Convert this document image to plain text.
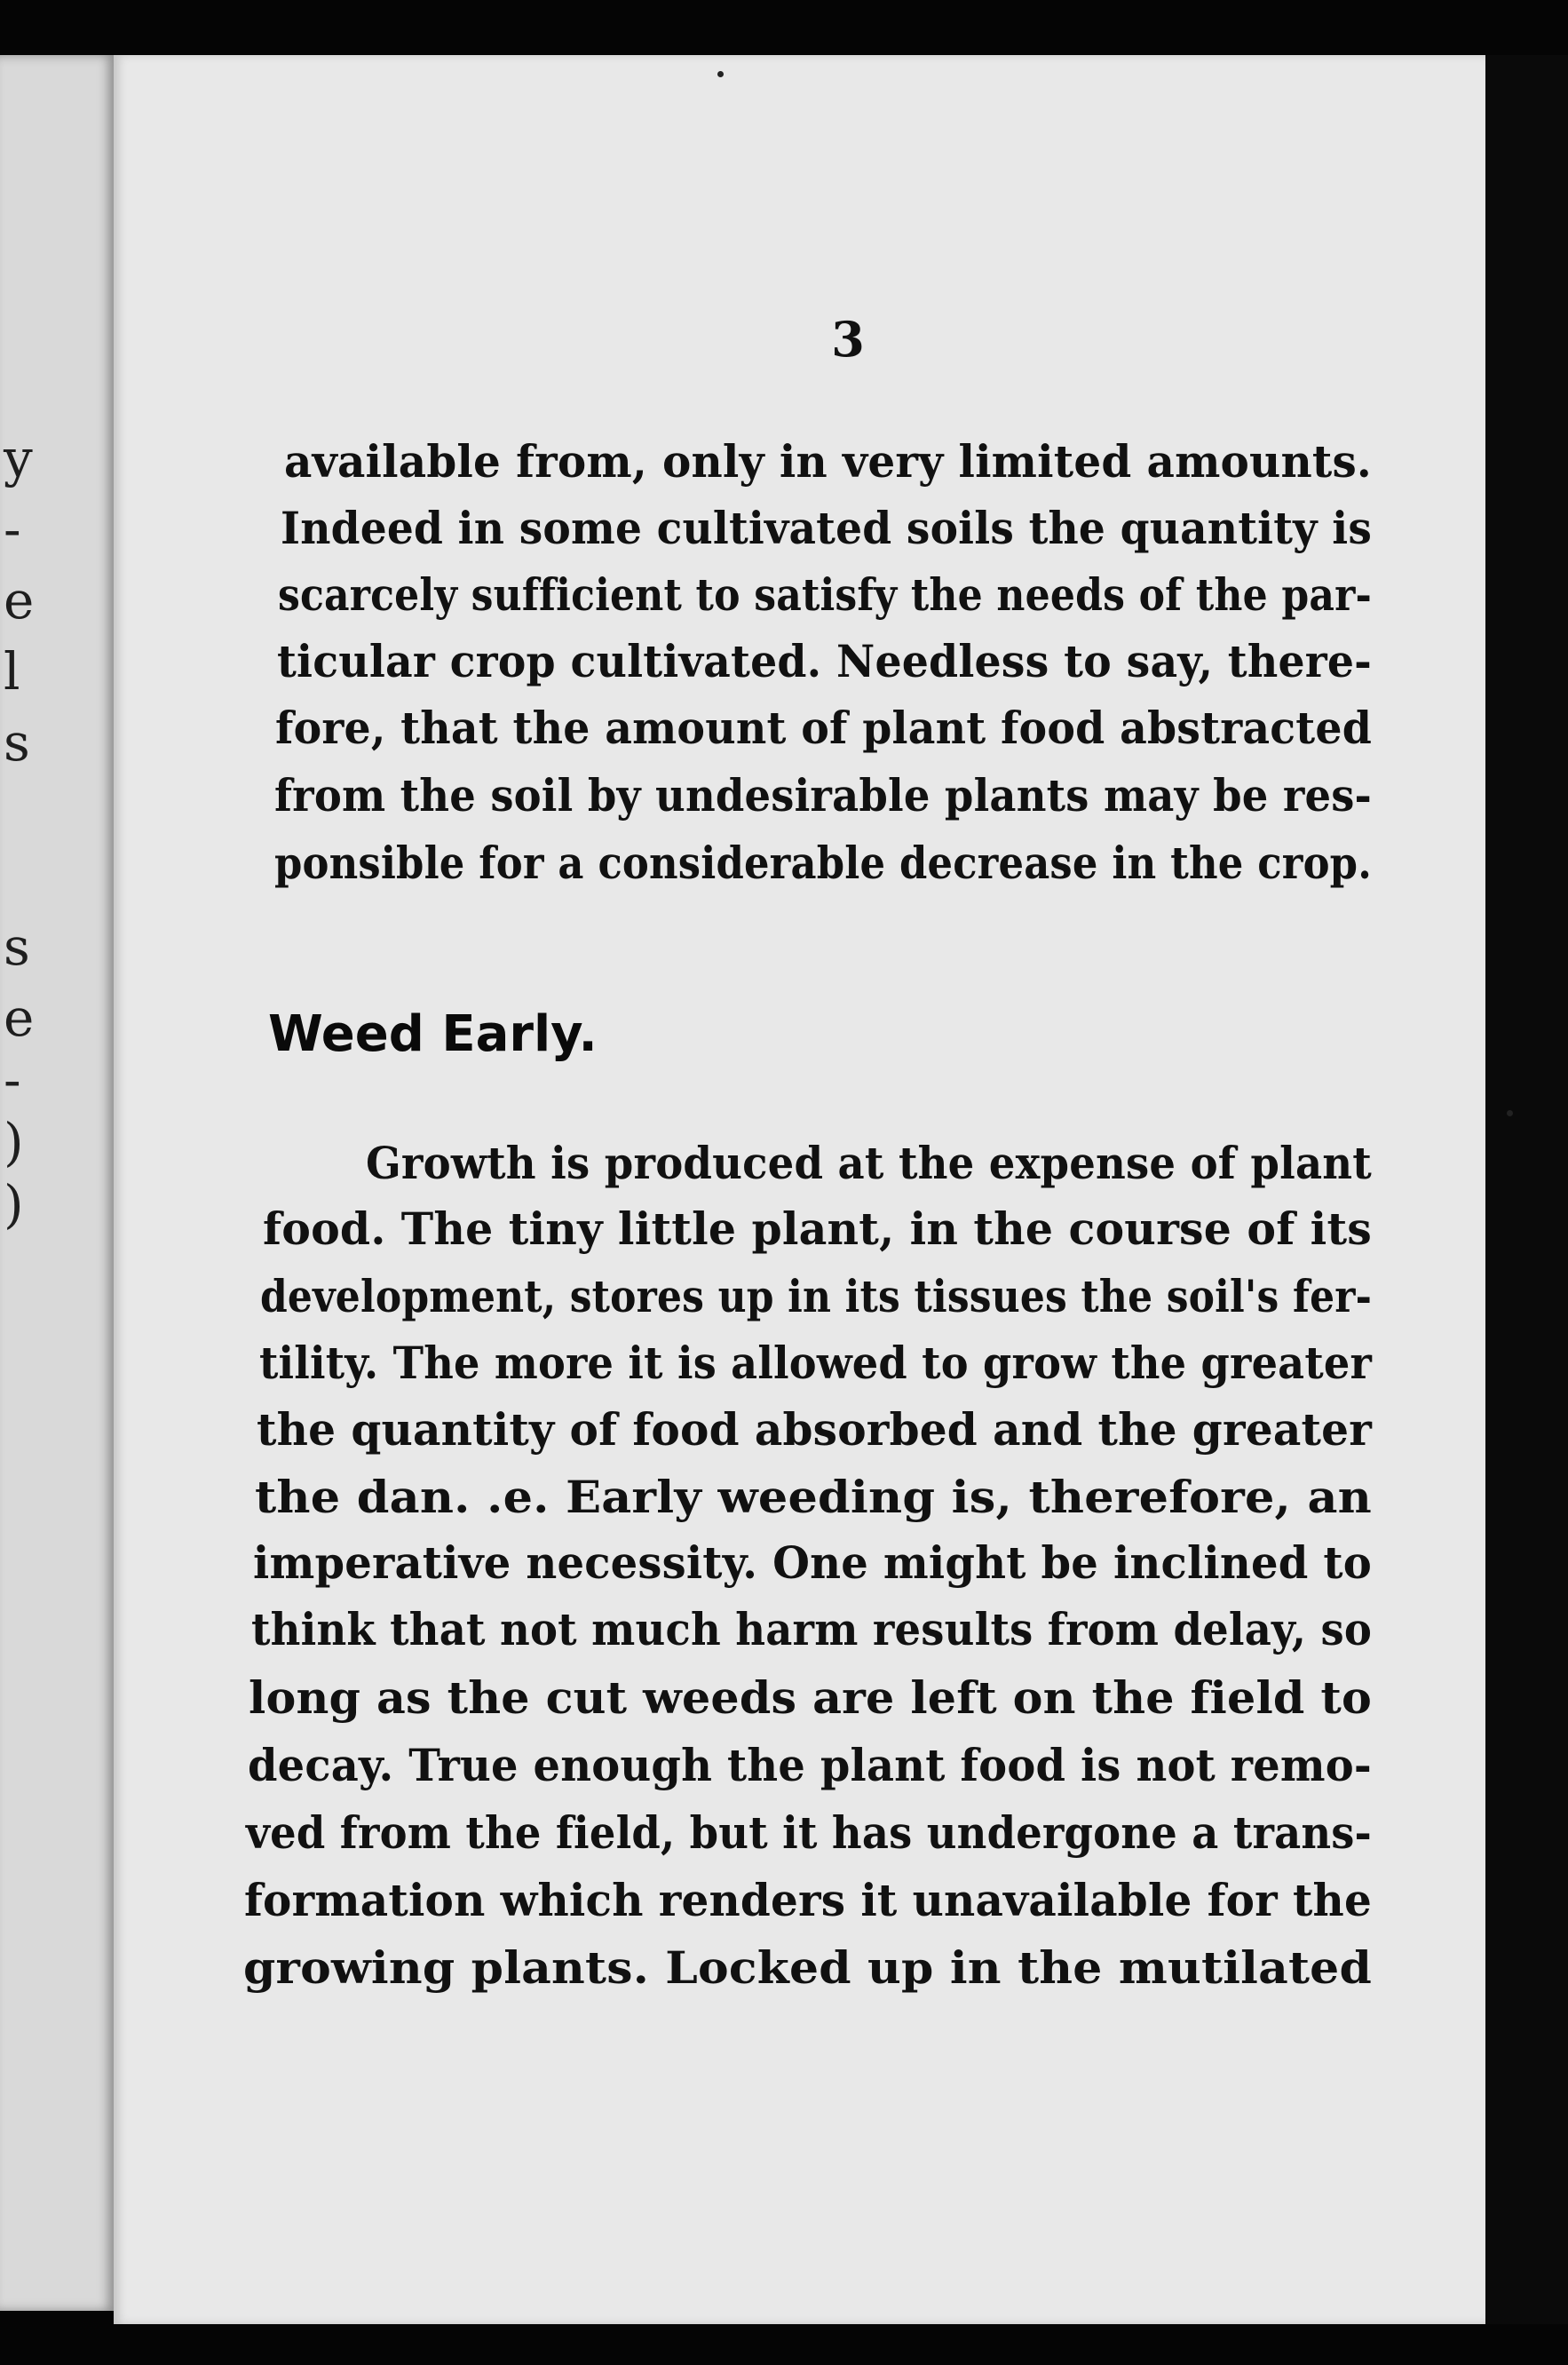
y
-
e
l
s
s
e
-
)
)
3
available from, only in very limited amounts.
Indeed in some cultivated soils the quantity is
scarcely sufficient to satisfy the needs of the par-
ticular crop cultivated. Needless to say, there-
fore, that the amount of plant food abstracted
from the soil by undesirable plants may be res-
ponsible for a considerable decrease in the crop.
Weed Early.
Growth is produced at the expense of plant
food. The tiny little plant, in the course of its
development, stores up in its tissues the soil's fer-
tility. The more it is allowed to grow the greater
the quantity of food absorbed and the greater
the dan. .e. Early weeding is, therefore, an
imperative necessity. One might be inclined to
think that not much harm results from delay, so
long as the cut weeds are left on the field to
decay. True enough the plant food is not remo-
ved from the field, but it has undergone a trans-
formation which renders it unavailable for the
growing plants. Locked up in the mutilated
